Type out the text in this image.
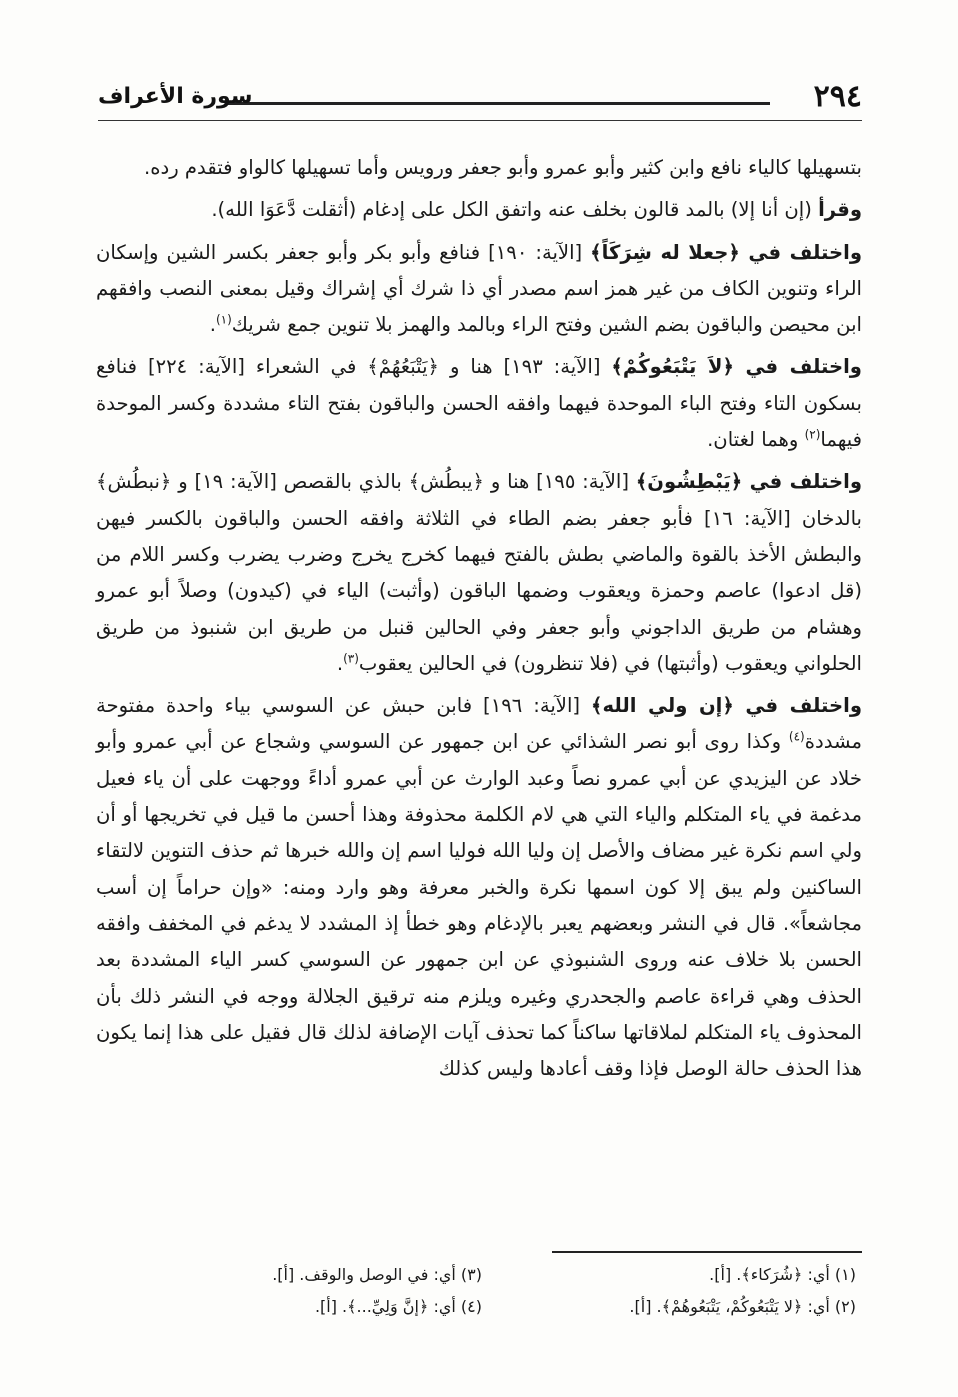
٢٩٤
سورة الأعراف

بتسهيلها كالياء نافع وابن كثير وأبو عمرو وأبو جعفر ورويس وأما تسهيلها كالواو فتقدم رده.

وقرأ (إن أنا إلا) بالمد قالون بخلف عنه واتفق الكل على إدغام (أثقلت دَّعَوَا الله).

واختلف في ﴿جعلا له شِرَكَاً﴾ [الآية: ١٩٠] فنافع وأبو بكر وأبو جعفر بكسر الشين وإسكان الراء وتنوين الكاف من غير همز اسم مصدر أي ذا شرك أي إشراك وقيل بمعنى النصب وافقهم ابن محيصن والباقون بضم الشين وفتح الراء وبالمد والهمز بلا تنوين جمع شريك$^{(١)}$.

واختلف في ﴿لاَ يَتْبَعُوكُمْ﴾ [الآية: ١٩٣] هنا و ﴿يَتْبَعُهُمْ﴾ في الشعراء [الآية: ٢٢٤] فنافع بسكون التاء وفتح الباء الموحدة فيهما وافقه الحسن والباقون بفتح التاء مشددة وكسر الموحدة فيهما$^{(٢)}$ وهما لغتان.

واختلف في ﴿يَبْطِشُونَ﴾ [الآية: ١٩٥] هنا و ﴿يبطُش﴾ بالذي بالقصص [الآية: ١٩] و ﴿نبطُش﴾ بالدخان [الآية: ١٦] فأبو جعفر بضم الطاء في الثلاثة وافقه الحسن والباقون بالكسر فيهن والبطش الأخذ بالقوة والماضي بطش بالفتح فيهما كخرج يخرج وضرب يضرب وكسر اللام من (قل ادعوا) عاصم وحمزة ويعقوب وضمها الباقون (وأثبت) الياء في (كيدون) وصلاً أبو عمرو وهشام من طريق الداجوني وأبو جعفر وفي الحالين قنبل من طريق ابن شنبوذ من طريق الحلواني ويعقوب (وأثبتها) في (فلا تنظرون) في الحالين يعقوب$^{(٣)}$.

واختلف في ﴿إن ولي الله﴾ [الآية: ١٩٦] فابن حبش عن السوسي بياء واحدة مفتوحة مشددة$^{(٤)}$ وكذا روى أبو نصر الشذائي عن ابن جمهور عن السوسي وشجاع عن أبي عمرو وأبو خلاد عن اليزيدي عن أبي عمرو نصاً وعبد الوارث عن أبي عمرو أداءً ووجهت على أن ياء فعيل مدغمة في ياء المتكلم والياء التي هي لام الكلمة محذوفة وهذا أحسن ما قيل في تخريجها أو أن ولي اسم نكرة غير مضاف والأصل إن وليا الله فوليا اسم إن والله خبرها ثم حذف التنوين لالتقاء الساكنين ولم يبق إلا كون اسمها نكرة والخبر معرفة وهو وارد ومنه: «وإن حراماً إن أسب مجاشعاً». قال في النشر وبعضهم يعبر بالإدغام وهو خطأ إذ المشدد لا يدغم في المخفف وافقه الحسن بلا خلاف عنه وروى الشنبوذي عن ابن جمهور عن السوسي كسر الياء المشددة بعد الحذف وهي قراءة عاصم والجحدري وغيره ويلزم منه ترقيق الجلالة ووجه في النشر ذلك بأن المحذوف ياء المتكلم لملاقاتها ساكناً كما تحذف آيات الإضافة لذلك قال فقيل على هذا إنما يكون هذا الحذف حالة الوصل فإذا وقف أعادها وليس كذلك

(١) أي: ﴿شُرَكاء﴾. [أ].
(٢) أي: ﴿لا يَتْبَعُوكُمْ، يَتْبَعُوهُمْ﴾. [أ].
(٣) أي: في الوصل والوقف. [أ].
(٤) أي: ﴿إنَّ وَلِيِّ...﴾. [أ].
